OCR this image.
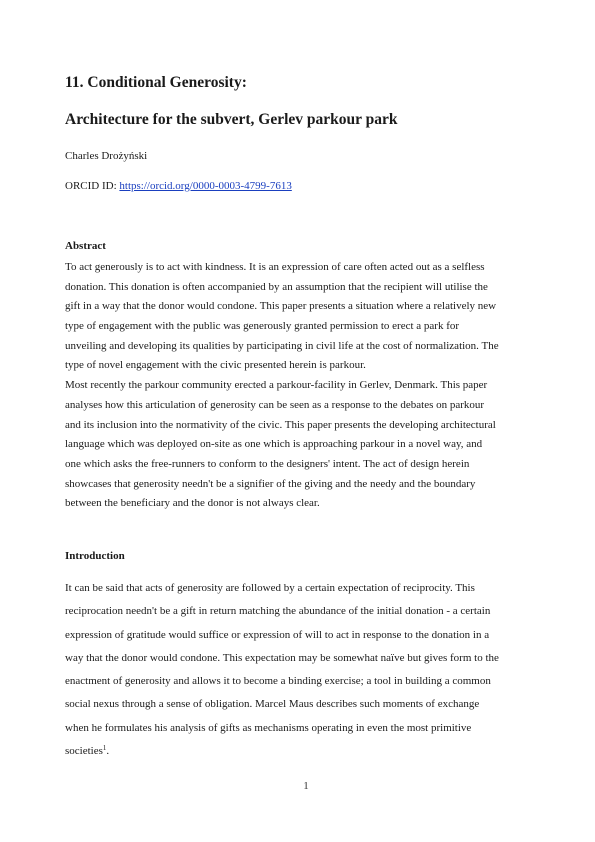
11. Conditional Generosity:
Architecture for the subvert, Gerlev parkour park
Charles Drożyński
ORCID ID: https://orcid.org/0000-0003-4799-7613
Abstract
To act generously is to act with kindness. It is an expression of care often acted out as a selfless
donation. This donation is often accompanied by an assumption that the recipient will utilise the
gift in a way that the donor would condone. This paper presents a situation where a relatively new
type of engagement with the public was generously granted permission to erect a park for
unveiling and developing its qualities by participating in civil life at the cost of normalization. The
type of novel engagement with the civic presented herein is parkour.
Most recently the parkour community erected a parkour-facility in Gerlev, Denmark. This paper
analyses how this articulation of generosity can be seen as a response to the debates on parkour
and its inclusion into the normativity of the civic. This paper presents the developing architectural
language which was deployed on-site as one which is approaching parkour in a novel way, and
one which asks the free-runners to conform to the designers' intent. The act of design herein
showcases that generosity needn't be a signifier of the giving and the needy and the boundary
between the beneficiary and the donor is not always clear.
Introduction
It can be said that acts of generosity are followed by a certain expectation of reciprocity. This
reciprocation needn't be a gift in return matching the abundance of the initial donation - a certain
expression of gratitude would suffice or expression of will to act in response to the donation in a
way that the donor would condone. This expectation may be somewhat naïve but gives form to the
enactment of generosity and allows it to become a binding exercise; a tool in building a common
social nexus through a sense of obligation. Marcel Maus describes such moments of exchange
when he formulates his analysis of gifts as mechanisms operating in even the most primitive
societies$^1$.
1
